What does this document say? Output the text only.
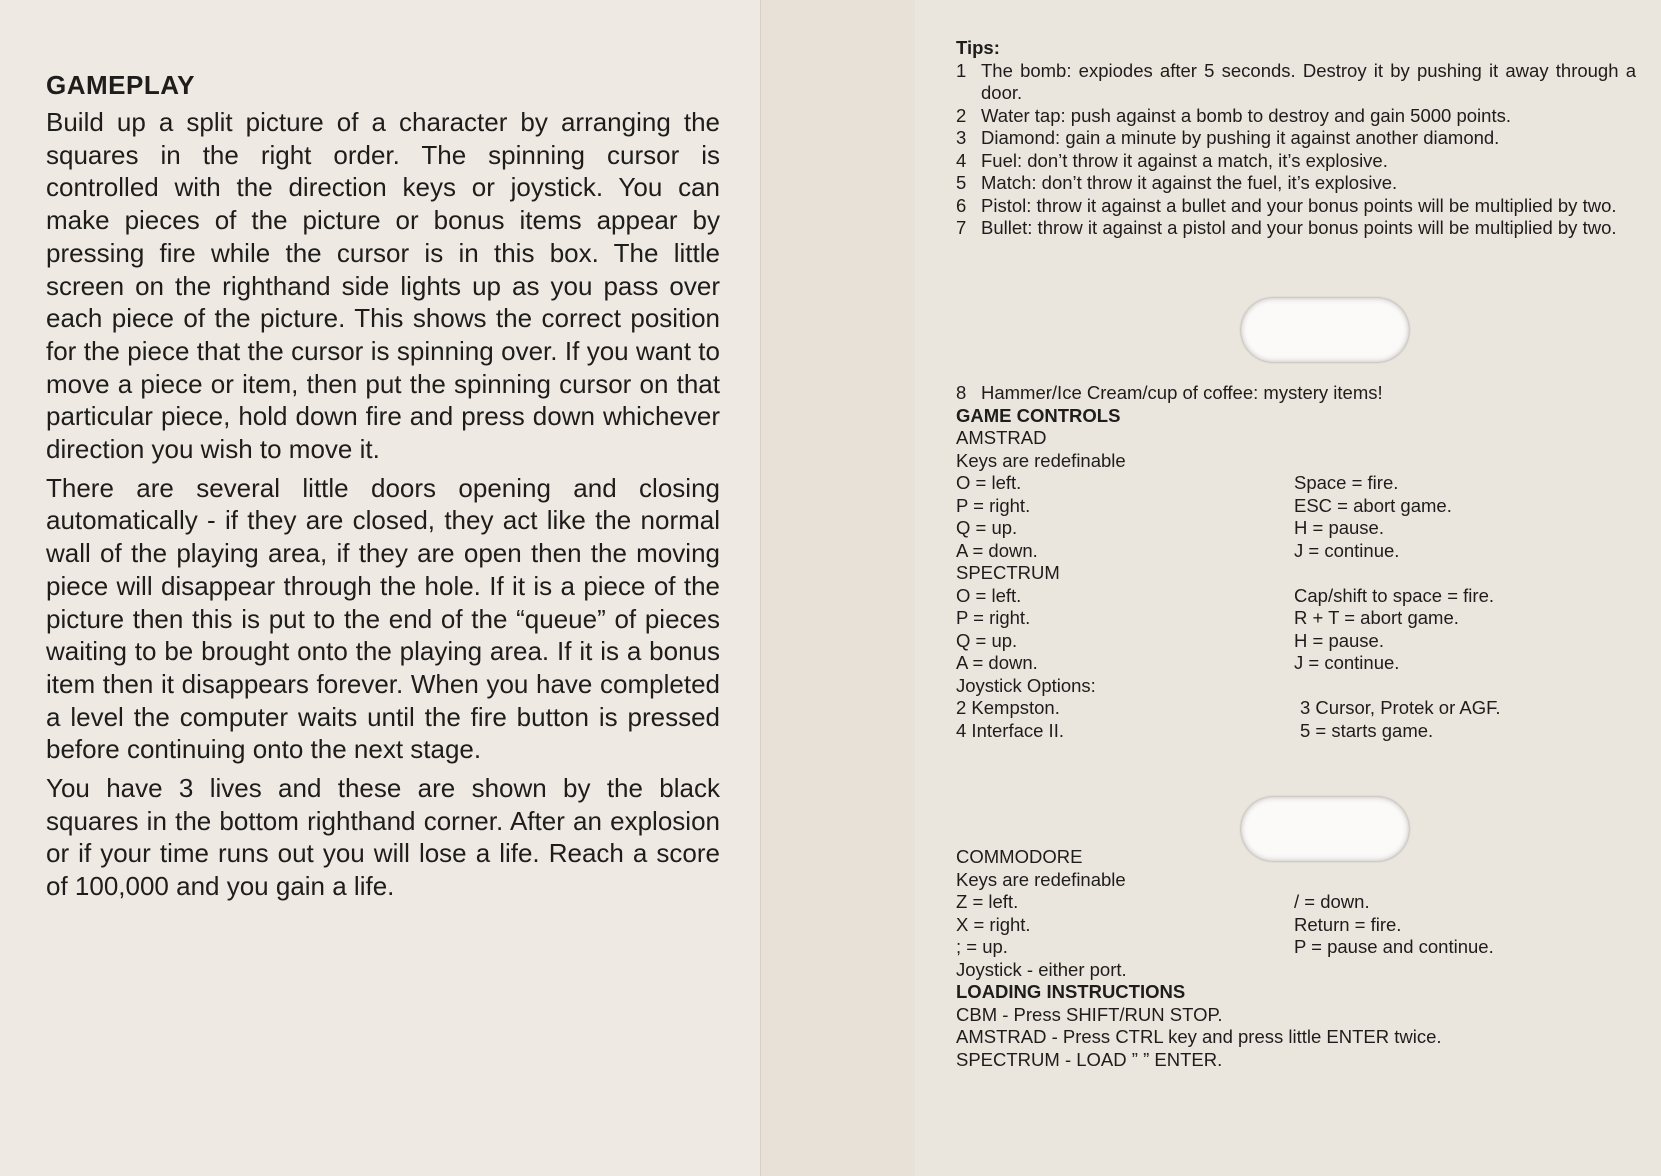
GAMEPLAY

Build up a split picture of a character by arranging the squares in the right order. The spinning cursor is controlled with the direction keys or joystick. You can make pieces of the picture or bonus items appear by pressing fire while the cursor is in this box. The little screen on the righthand side lights up as you pass over each piece of the picture. This shows the correct position for the piece that the cursor is spinning over. If you want to move a piece or item, then put the spinning cursor on that particular piece, hold down fire and press down whichever direction you wish to move it.

There are several little doors opening and closing automatically - if they are closed, they act like the normal wall of the playing area, if they are open then the moving piece will disappear through the hole. If it is a piece of the picture then this is put to the end of the “queue” of pieces waiting to be brought onto the playing area. If it is a bonus item then it disappears forever. When you have completed a level the computer waits until the fire button is pressed before continuing onto the next stage.

You have 3 lives and these are shown by the black squares in the bottom righthand corner. After an explosion or if your time runs out you will lose a life. Reach a score of 100,000 and you gain a life.

Tips:
1 The bomb: expiodes after 5 seconds. Destroy it by pushing it away through a door.
2 Water tap: push against a bomb to destroy and gain 5000 points.
3 Diamond: gain a minute by pushing it against another diamond.
4 Fuel: don’t throw it against a match, it’s explosive.
5 Match: don’t throw it against the fuel, it’s explosive.
6 Pistol: throw it against a bullet and your bonus points will be multiplied by two.
7 Bullet: throw it against a pistol and your bonus points will be multiplied by two.
8 Hammer/Ice Cream/cup of coffee: mystery items!
GAME CONTROLS
AMSTRAD
Keys are redefinable
O = left.
P = right.
Q = up.
A = down.
Space = fire.
ESC = abort game.
H = pause.
J = continue.
SPECTRUM
O = left.
P = right.
Q = up.
A = down.
Cap/shift to space = fire.
R + T = abort game.
H = pause.
J = continue.
Joystick Options:
2 Kempston.
4 Interface II.
3 Cursor, Protek or AGF.
5 = starts game.
COMMODORE
Keys are redefinable
Z = left.
X = right.
; = up.
/ = down.
Return = fire.
P = pause and continue.
Joystick - either port.
LOADING INSTRUCTIONS
CBM - Press SHIFT/RUN STOP.
AMSTRAD - Press CTRL key and press little ENTER twice.
SPECTRUM - LOAD ” ” ENTER.
